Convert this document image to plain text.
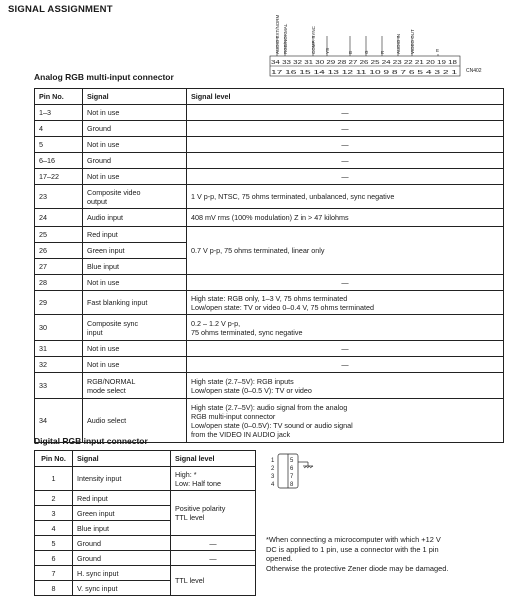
SIGNAL ASSIGNMENT
AUDIO EXT/NORM RGB/NORMAL	COMP. SYNC YS	B G R AUDIO IN VIDEO OUT	E
34 33 32 31 30 29 28 27 26 25 24 23 22 21 20 19 18
17 16 15 14 13 12 11 10 9 8 7 6 5 4 3 2 1 CN402
Analog RGB multi-input connector
Pin No.	Signal	Signal level
1–3	Not in use	—
4	Ground	—
5	Not in use	—
6–16	Ground	—
17–22	Not in use	—
23	Composite video
output	1 V p-p, NTSC, 75 ohms terminated, unbalanced, sync negative
24	Audio input	408 mV rms (100% modulation) Z in > 47 kilohms
25	Red input	0.7 V p-p, 75 ohms terminated, linear only
26	Green input	
27	Blue input	
28	Not in use	—
29	Fast blanking input	High state: RGB only, 1–3 V, 75 ohms terminated
Low/open state: TV or video 0–0.4 V, 75 ohms terminated
30	Composite sync
input	0.2 – 1.2 V p-p,
75 ohms terminated, sync negative
31	Not in use	—
32	Not in use	—
33	RGB/NORMAL
mode select	High state (2.7–5V): RGB inputs
Low/open state (0–0.5 V): TV or video
34	Audio select	High state (2.7–5V): audio signal from the analog
RGB multi-input connector
Low/open state (0–0.5V): TV sound or audio signal
from the VIDEO IN AUDIO jack
Digital RGB input connector
Pin No.	Signal	Signal level
1	Intensity input	High: *
Low: Half tone
2	Red input	Positive polarity
TTL level
3	Green input	
4	Blue input	
5	Ground	—
6	Ground	—
7	H. sync input	TTL level
8	V. sync input	
1
2
3
4
5
6
7
8
*When connecting a microcomputer with which +12 V
DC is applied to 1 pin, use a connector with the 1 pin
opened.
Otherwise the protective Zener diode may be damaged.
